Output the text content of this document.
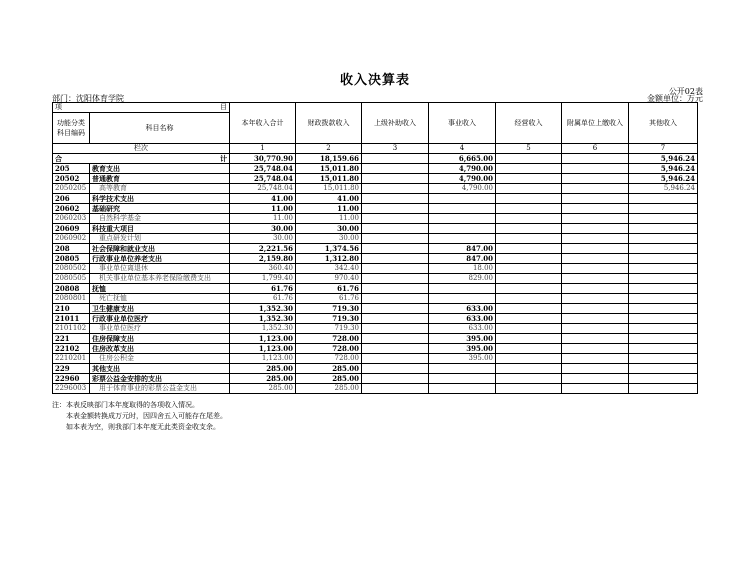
收入决算表
公开02表
部门：沈阳体育学院	金额单位：万元
项 目		本年收入合计	财政拨款收入	上级补助收入	事业收入	经营收入	附属单位上缴收入	其他收入
功能分类
科目编码	科目名称							
栏次		1	2	3	4	5	6	7

合 计		30,770.90	18,159.66		6,665.00			5,946.24
205	教育支出	25,748.04	15,011.80		4,790.00			5,946.24
20502	普通教育	25,748.04	15,011.80		4,790.00			5,946.24
2050205	　高等教育	25,748.04	15,011.80		4,790.00			5,946.24
206	科学技术支出	41.00	41.00					
20602	基础研究	11.00	11.00					
2060203	　自然科学基金	11.00	11.00					
20609	科技重大项目	30.00	30.00					
2060902	　重点研发计划	30.00	30.00					
208	社会保障和就业支出	2,221.56	1,374.56		847.00			
20805	行政事业单位养老支出	2,159.80	1,312.80		847.00			
2080502	　事业单位离退休	360.40	342.40		18.00			
2080505	　机关事业单位基本养老保险缴费支出	1,799.40	970.40		829.00			
20808	抚恤	61.76	61.76					
2080801	　死亡抚恤	61.76	61.76					
210	卫生健康支出	1,352.30	719.30		633.00			
21011	行政事业单位医疗	1,352.30	719.30		633.00			
2101102	　事业单位医疗	1,352.30	719.30		633.00			
221	住房保障支出	1,123.00	728.00		395.00			
22102	住房改革支出	1,123.00	728.00		395.00			
2210201	　住房公积金	1,123.00	728.00		395.00			
229	其他支出	285.00	285.00					
22960	彩票公益金安排的支出	285.00	285.00					
2296003	　用于体育事业的彩票公益金支出	285.00	285.00					
注：本表反映部门本年度取得的各项收入情况。
本表金额转换成万元时，因四舍五入可能存在尾差。
如本表为空，则我部门本年度无此类资金收支余。
